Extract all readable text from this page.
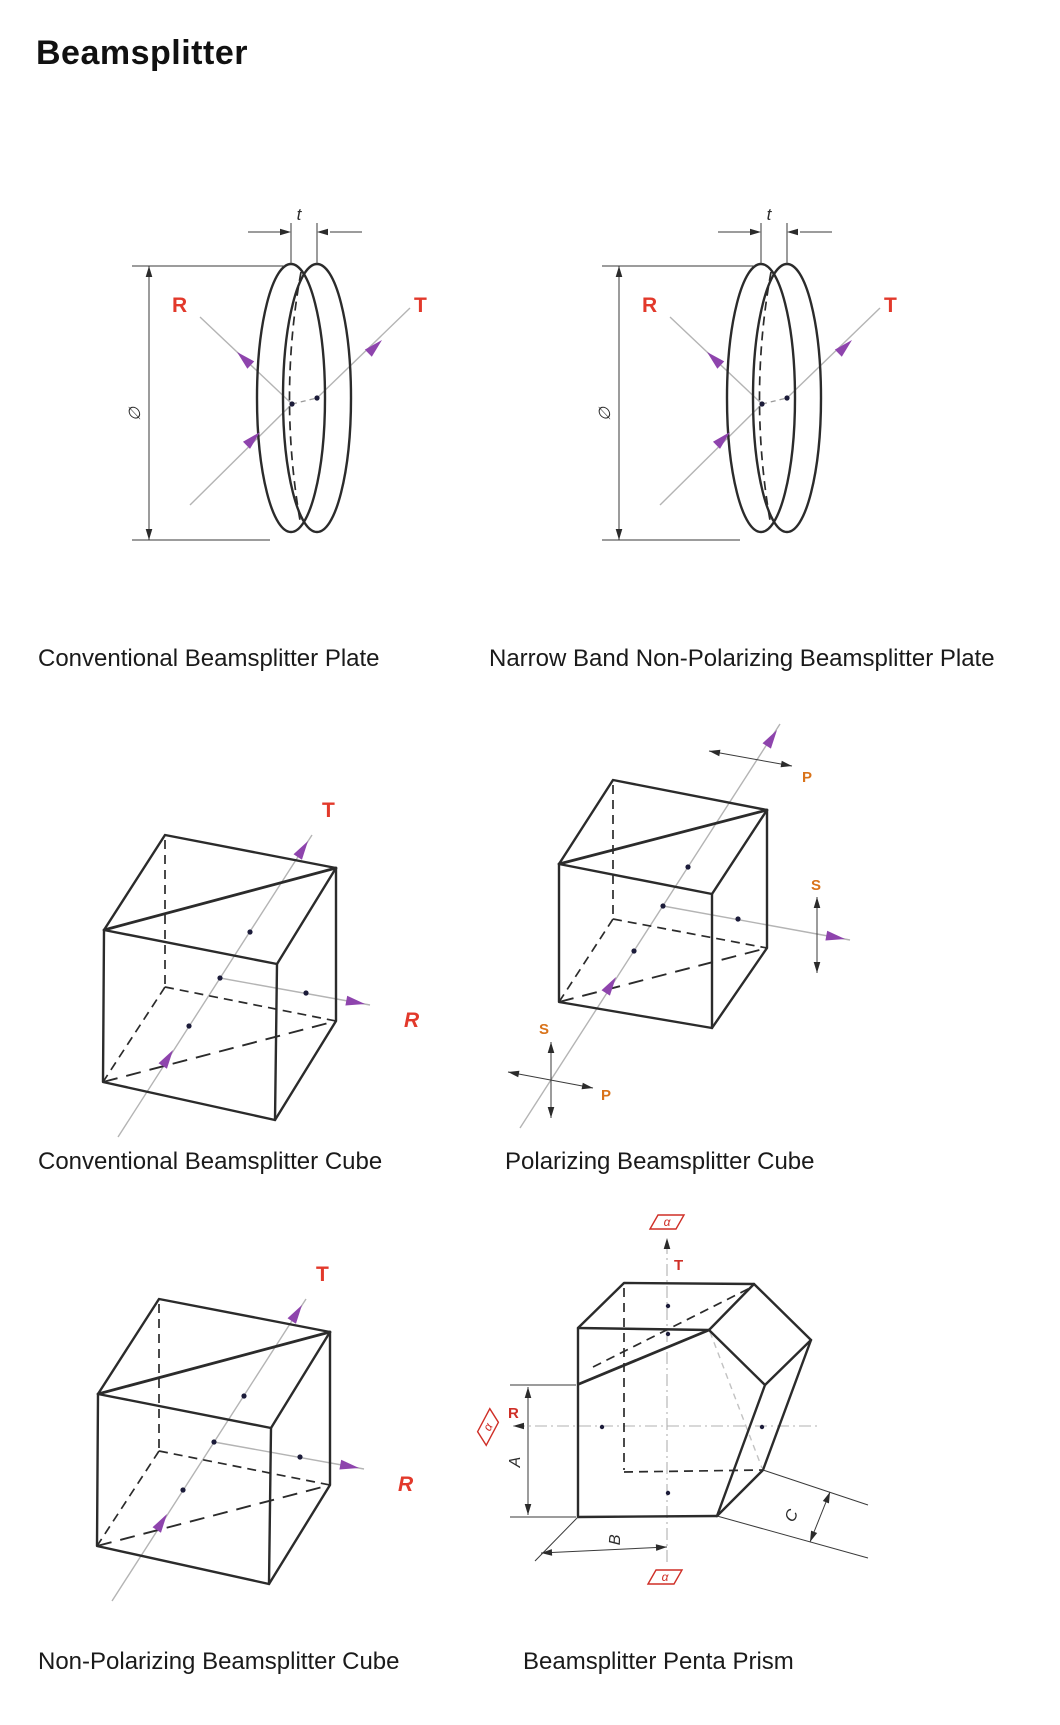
Beamsplitter
t
∅
R	T
t
∅
R	T
Conventional Beamsplitter Plate	Narrow Band Non-Polarizing Beamsplitter Plate
T
R	S
P
P
S
Conventional Beamsplitter Cube	Polarizing Beamsplitter Cube
T
R
A
B
C
α
α
α
T
R
Non-Polarizing Beamsplitter Cube	Beamsplitter Penta Prism
